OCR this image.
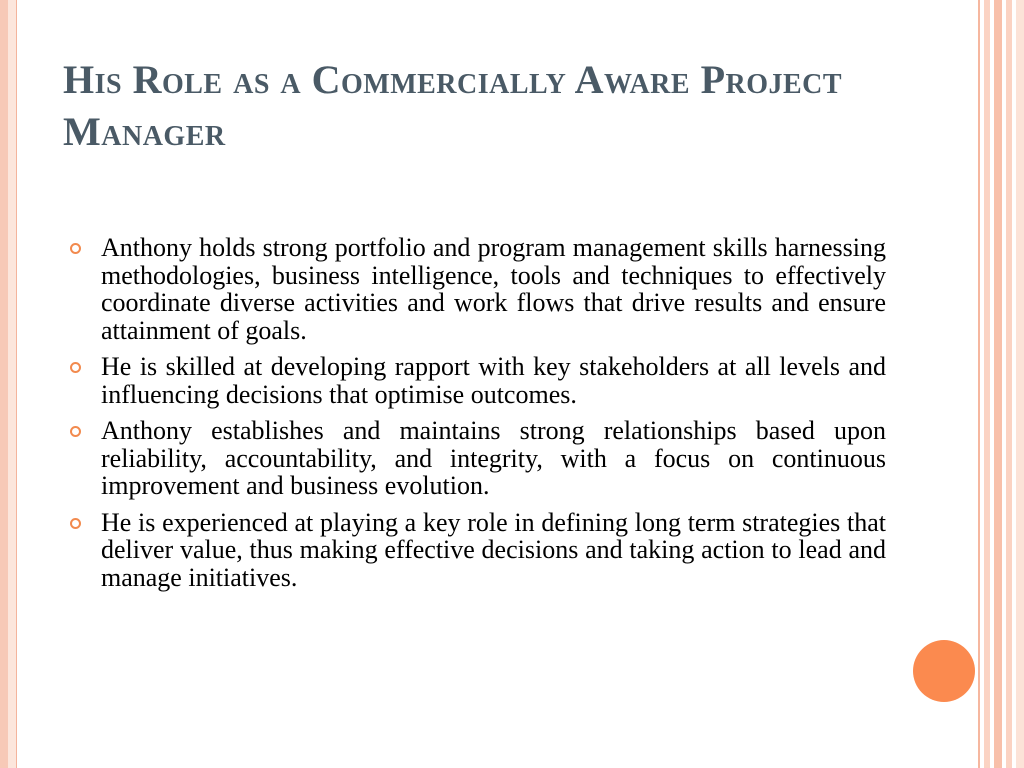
His Role as a Commercially Aware Project Manager
Anthony holds strong portfolio and program management skills harnessing methodologies, business intelligence, tools and techniques to effectively coordinate diverse activities and work flows that drive results and ensure attainment of goals.
He is skilled at developing rapport with key stakeholders at all levels and influencing decisions that optimise outcomes.
Anthony establishes and maintains strong relationships based upon reliability, accountability, and integrity, with a focus on continuous improvement and business evolution.
He is experienced at playing a key role in defining long term strategies that deliver value, thus making effective decisions and taking action to lead and manage initiatives.
